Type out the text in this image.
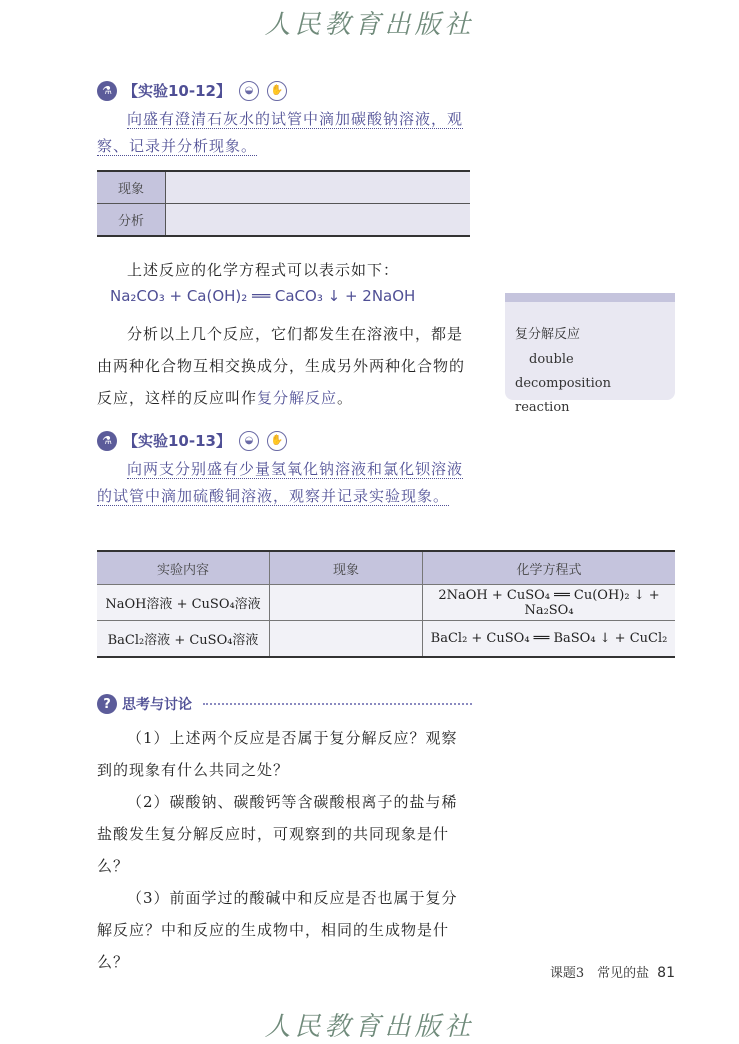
人民教育出版社
⚗ 【实验10-12】	◒	✋
向盛有澄清石灰水的试管中滴加碳酸钠溶液，观察、记录并分析现象。
现象	
分析	
上述反应的化学方程式可以表示如下：
Na₂CO₃ + Ca(OH)₂ ══ CaCO₃ ↓ + 2NaOH
分析以上几个反应，它们都发生在溶液中，都是由两种化合物互相交换成分，生成另外两种化合物的反应，这样的反应叫作复分解反应。
复分解反应
double decomposition reaction
⚗ 【实验10-13】	◒	✋
向两支分别盛有少量氢氧化钠溶液和氯化钡溶液的试管中滴加硫酸铜溶液，观察并记录实验现象。
实验内容	现象	化学方程式
NaOH溶液 + CuSO₄溶液		2NaOH + CuSO₄ ══ Cu(OH)₂ ↓ + Na₂SO₄
BaCl₂溶液 + CuSO₄溶液		BaCl₂ + CuSO₄ ══ BaSO₄ ↓ + CuCl₂
? 思考与讨论
（1）上述两个反应是否属于复分解反应？观察到的现象有什么共同之处？
（2）碳酸钠、碳酸钙等含碳酸根离子的盐与稀盐酸发生复分解反应时，可观察到的共同现象是什么？
（3）前面学过的酸碱中和反应是否也属于复分解反应？中和反应的生成物中，相同的生成物是什么？
课题3　常见的盐 81
人民教育出版社
